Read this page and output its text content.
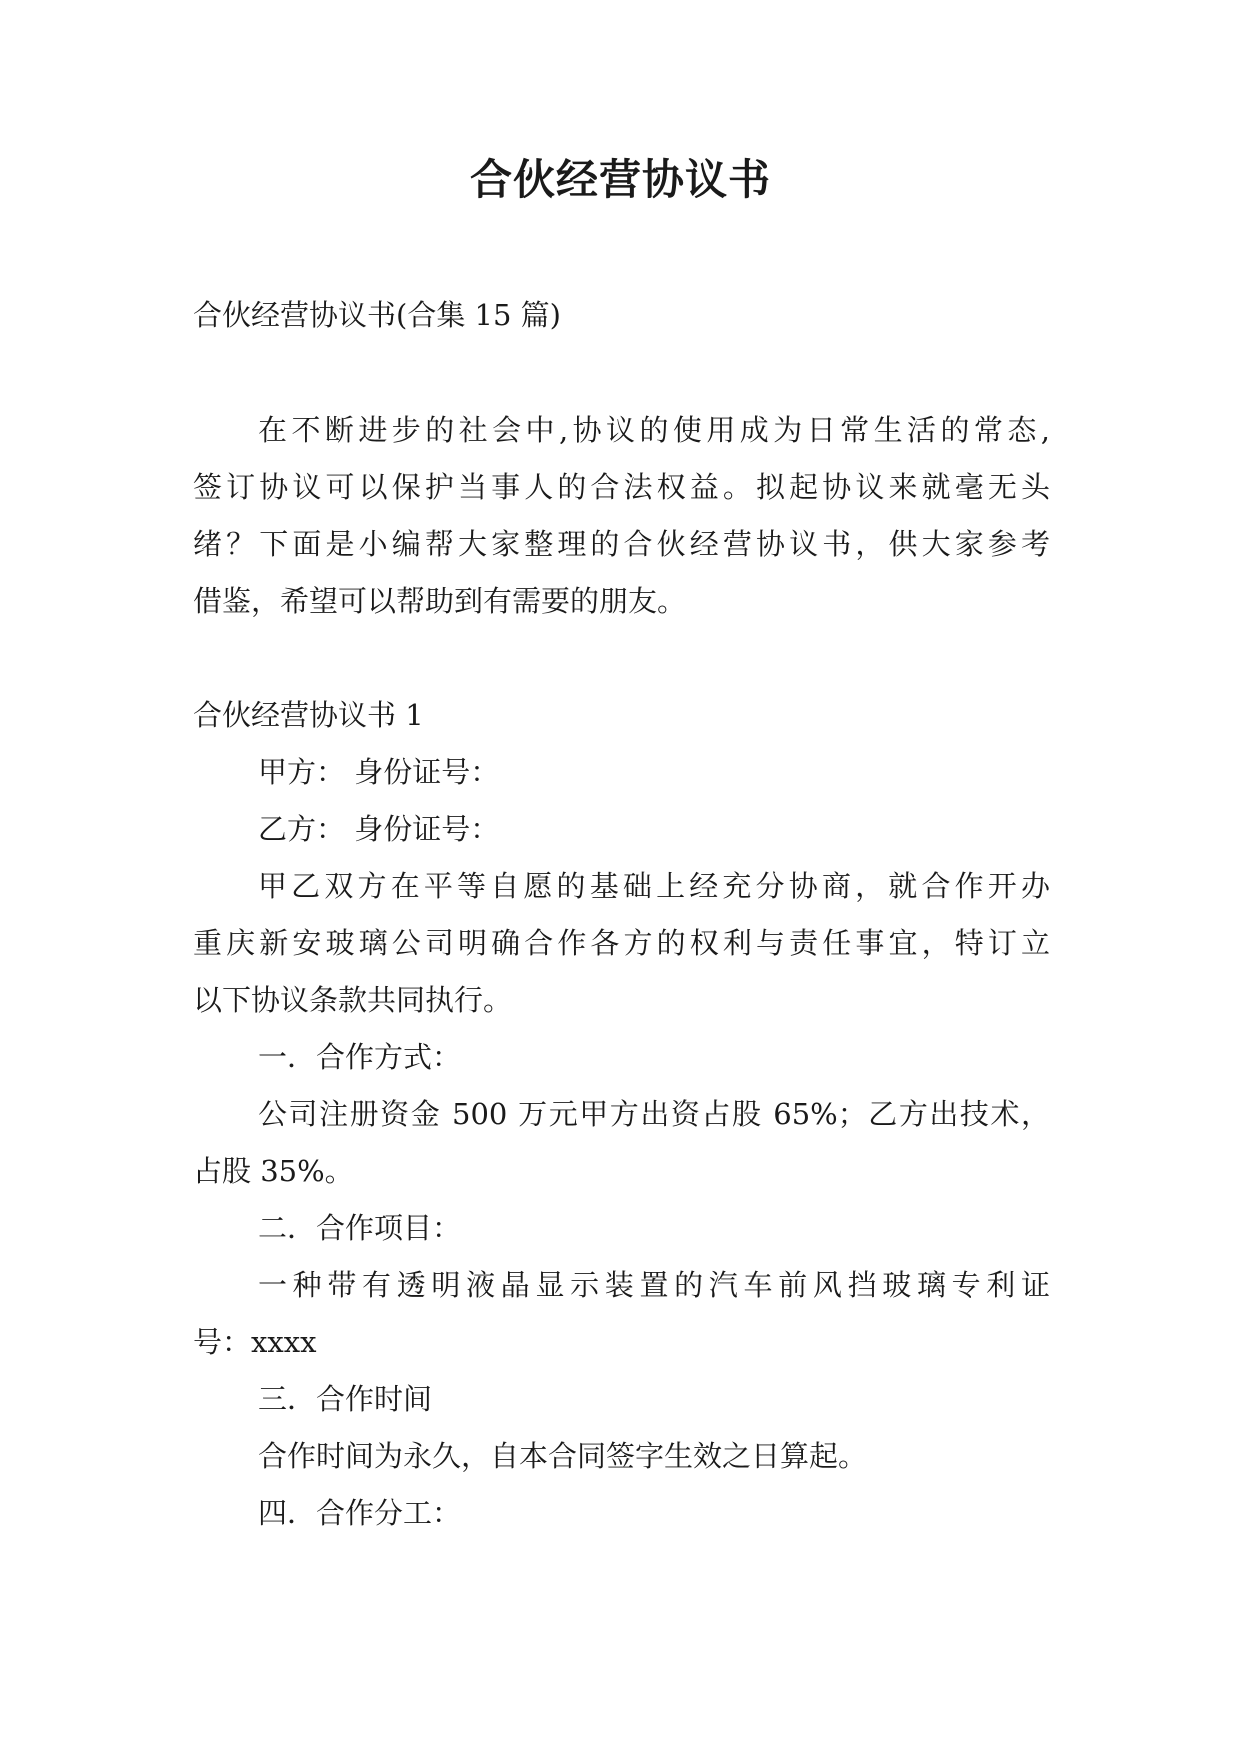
合伙经营协议书

合伙经营协议书(合集 15 篇)

在不断进步的社会中,协议的使用成为日常生活的常态,

签订协议可以保护当事人的合法权益。拟起协议来就毫无头

绪？下面是小编帮大家整理的合伙经营协议书，供大家参考

借鉴，希望可以帮助到有需要的朋友。

合伙经营协议书 1

甲方： 身份证号：

乙方： 身份证号：

甲乙双方在平等自愿的基础上经充分协商，就合作开办

重庆新安玻璃公司明确合作各方的权利与责任事宜，特订立

以下协议条款共同执行。

一．合作方式：

公司注册资金 500 万元甲方出资占股 65%；乙方出技术，

占股 35%。

二．合作项目：

一种带有透明液晶显示装置的汽车前风挡玻璃专利证

号：xxxx

三．合作时间

合作时间为永久，自本合同签字生效之日算起。

四．合作分工：
